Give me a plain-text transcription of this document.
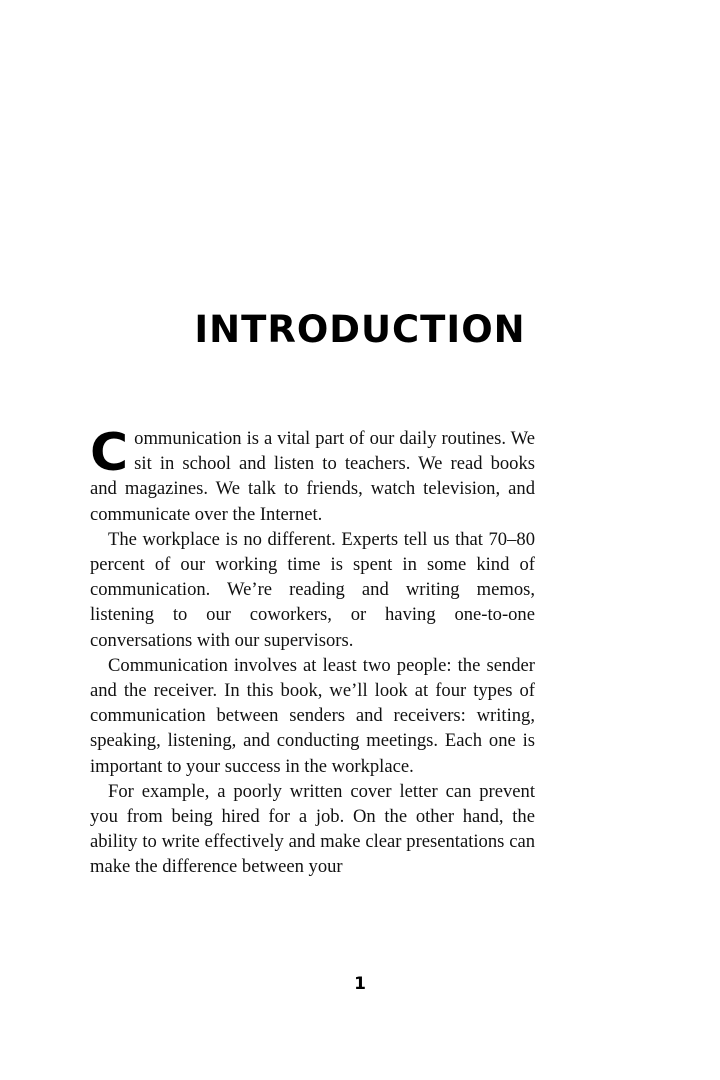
INTRODUCTION

Communication is a vital part of our daily routines. We sit in school and listen to teachers. We read books and magazines. We talk to friends, watch television, and communicate over the Internet.

The workplace is no different. Experts tell us that 70–80 percent of our working time is spent in some kind of communication. We’re reading and writing memos, listening to our coworkers, or having one-to-one conversations with our supervisors.

Communication involves at least two people: the sender and the receiver. In this book, we’ll look at four types of communication between senders and receivers: writing, speaking, listening, and conducting meetings. Each one is important to your success in the workplace.

For example, a poorly written cover letter can prevent you from being hired for a job. On the other hand, the ability to write effectively and make clear presentations can make the difference between your

1
